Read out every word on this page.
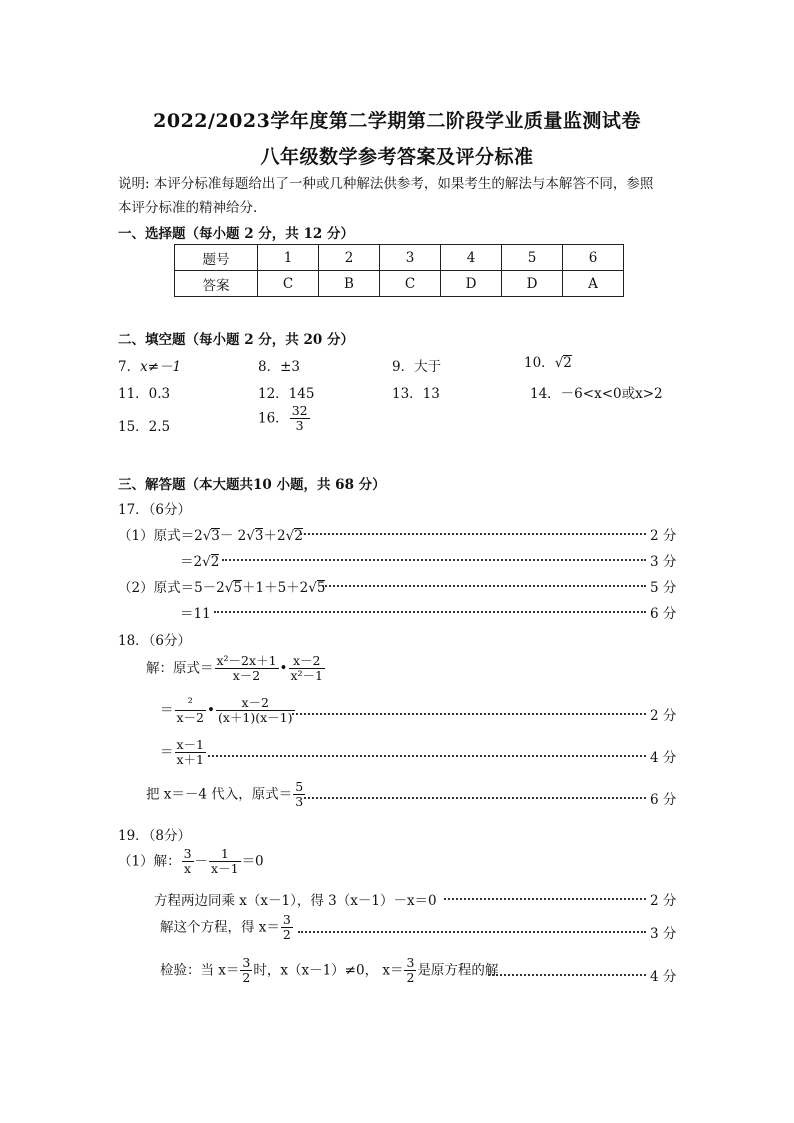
2022/2023学年度第二学期第二阶段学业质量监测试卷
八年级数学参考答案及评分标准
说明: 本评分标准每题给出了一种或几种解法供参考，如果考生的解法与本解答不同，参照
本评分标准的精神给分.
一、选择题（每小题 2 分，共 12 分）
题号	1	2	3	4	5	6
答案	C	B	C	D	D	A
二、填空题（每小题 2 分，共 20 分）
7．x≠－1	8．±3	9．大于	10．√2
11．0.3	12．145	13．13	14．－6<x<0或x>2
15．2.5
16． $\frac{32}{3}$
三、解答题（本大题共10 小题，共 68 分）
17．（6分）
（1）原式＝2√3－ 2√3＋2√2	2 分
＝2√2	3 分
（2）原式＝5－2√5＋1＋5＋2√5	5 分
＝11	6 分
18．（6分）
解：原式＝ $\frac{\text{x²－2x＋1}}{x-2}$ • $\frac{x-2}{\text{x²－1}}$
＝ $\frac{\text{²}}{x-2}$ • $\frac{x-2}{(x+1)(x-1)}$	2 分
＝ $\frac{x-1}{x+1}$	4 分
把 x＝－4 代入，原式＝ $\frac{5}{3}$	6 分
19．（8分）
（1）解： $\frac{3}{x} - \frac{1}{x-1} =0$
方程两边同乘 x（x－1），得 3（x－1）－x＝0	2 分
解这个方程，得 $x= \frac{3}{2}$	3 分
检验：当 $x= \frac{3}{2}$ 时，x（x－1）≠0， $x= \frac{3}{2}$ 是原方程的解	4 分
